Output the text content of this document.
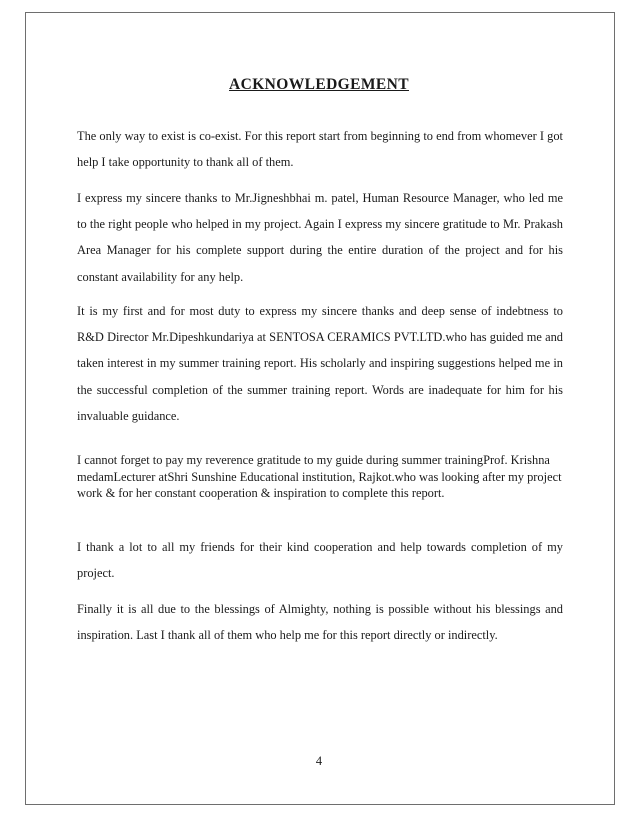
ACKNOWLEDGEMENT

The only way to exist is co-exist. For this report start from beginning to end from whomever I got help I take opportunity to thank all of them.

I express my sincere thanks to Mr.Jigneshbhai m. patel, Human Resource Manager, who led me to the right people who helped in my project. Again I express my sincere gratitude to Mr. Prakash Area Manager for his complete support during the entire duration of the project and for his constant availability for any help.

It is my first and for most duty to express my sincere thanks and deep sense of indebtness to R&D Director Mr.Dipeshkundariya at SENTOSA CERAMICS PVT.LTD.who has guided me and taken interest in my summer training report. His scholarly and inspiring suggestions helped me in the successful completion of the summer training report. Words are inadequate for him for his invaluable guidance.

I cannot forget to pay my reverence gratitude to my guide during summer trainingProf. Krishna medamLecturer atShri Sunshine Educational institution, Rajkot.who was looking after my project work & for her constant cooperation & inspiration to complete this report.

I thank a lot to all my friends for their kind cooperation and help towards completion of my project.

Finally it is all due to the blessings of Almighty, nothing is possible without his blessings and inspiration. Last I thank all of them who help me for this report directly or indirectly.

4
